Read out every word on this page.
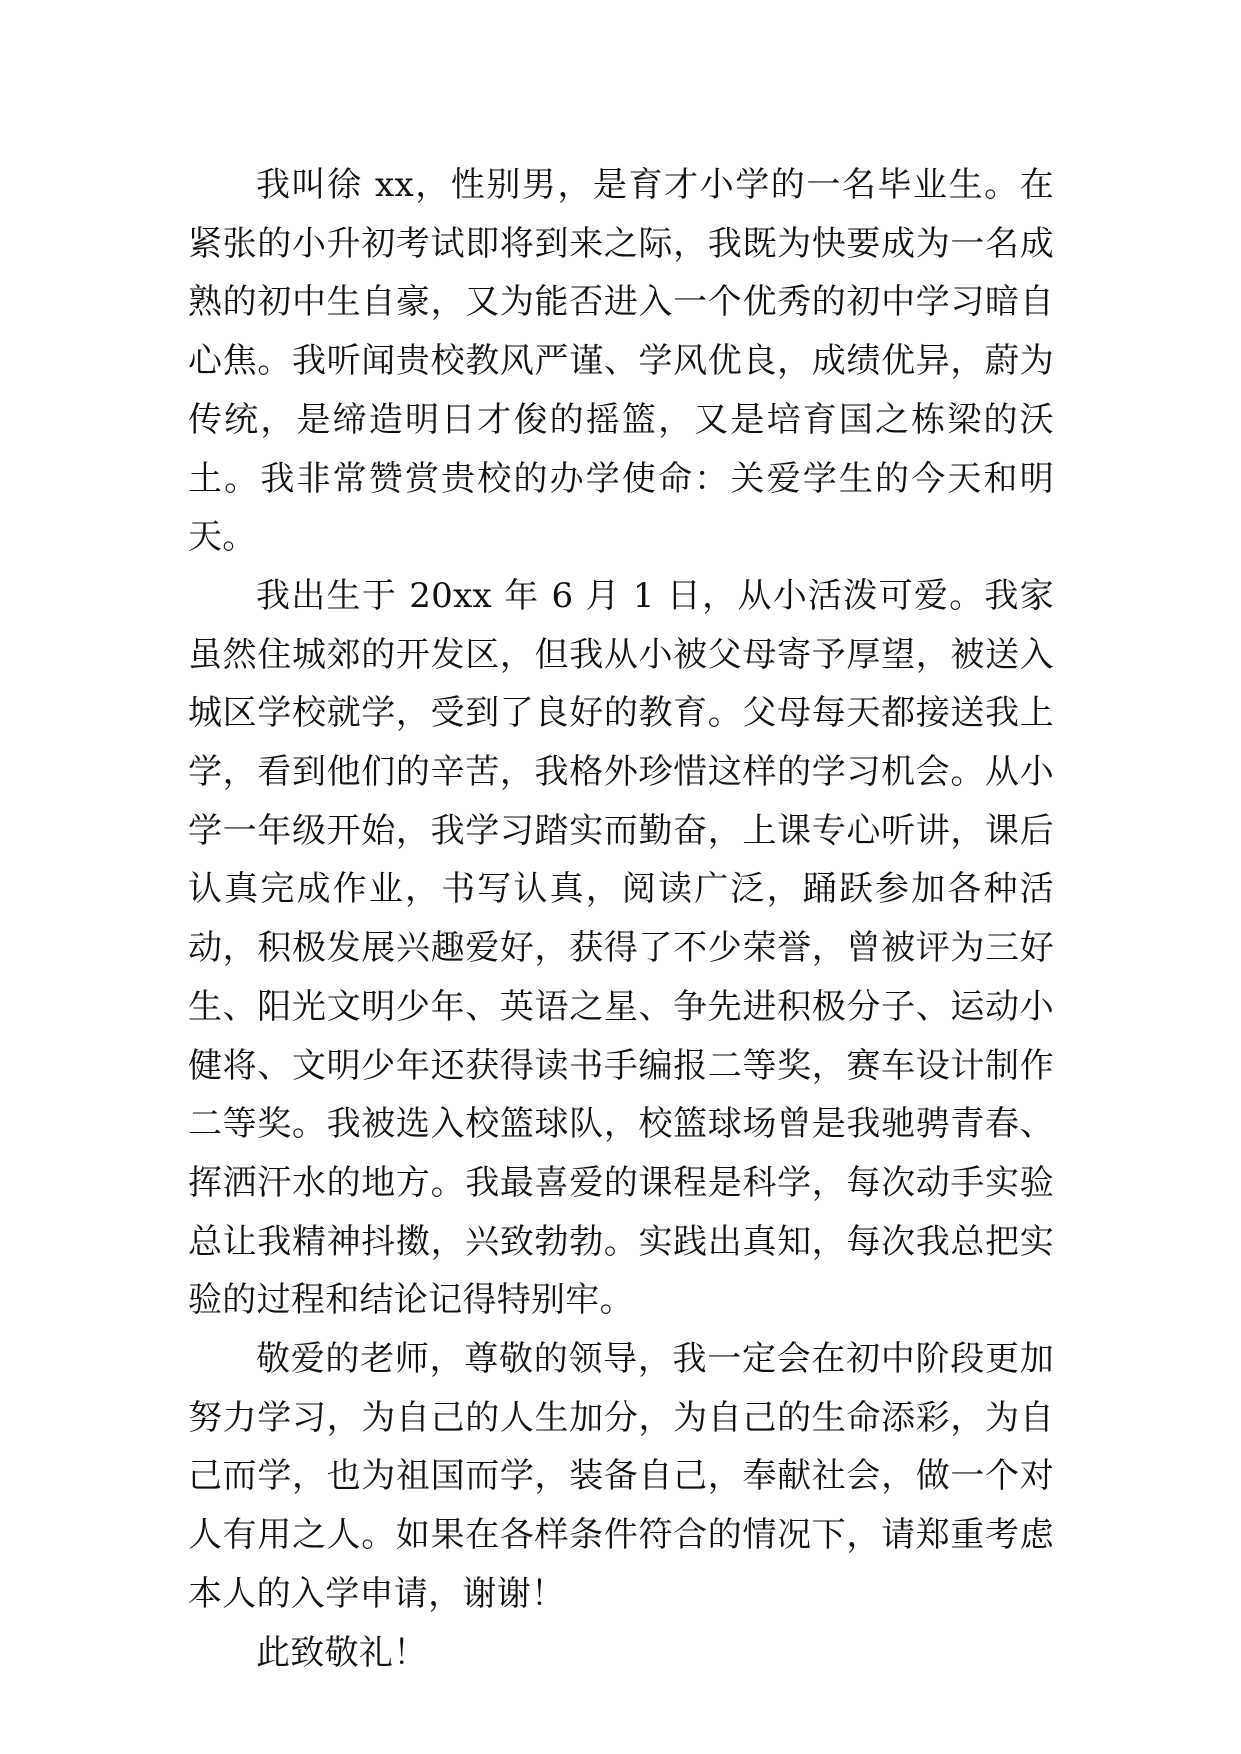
我叫徐 xx，性别男，是育才小学的一名毕业生。在紧张的小升初考试即将到来之际，我既为快要成为一名成熟的初中生自豪，又为能否进入一个优秀的初中学习暗自心焦。我听闻贵校教风严谨、学风优良，成绩优异，蔚为传统，是缔造明日才俊的摇篮，又是培育国之栋梁的沃土。我非常赞赏贵校的办学使命：关爱学生的今天和明天。

我出生于 20xx 年 6 月 1 日，从小活泼可爱。我家虽然住城郊的开发区，但我从小被父母寄予厚望，被送入城区学校就学，受到了良好的教育。父母每天都接送我上学，看到他们的辛苦，我格外珍惜这样的学习机会。从小学一年级开始，我学习踏实而勤奋，上课专心听讲，课后认真完成作业，书写认真，阅读广泛，踊跃参加各种活动，积极发展兴趣爱好，获得了不少荣誉，曾被评为三好生、阳光文明少年、英语之星、争先进积极分子、运动小健将、文明少年还获得读书手编报二等奖，赛车设计制作二等奖。我被选入校篮球队，校篮球场曾是我驰骋青春、挥洒汗水的地方。我最喜爱的课程是科学，每次动手实验总让我精神抖擞，兴致勃勃。实践出真知，每次我总把实验的过程和结论记得特别牢。

敬爱的老师，尊敬的领导，我一定会在初中阶段更加努力学习，为自己的人生加分，为自己的生命添彩，为自己而学，也为祖国而学，装备自己，奉献社会，做一个对人有用之人。如果在各样条件符合的情况下，请郑重考虑本人的入学申请，谢谢！

此致敬礼！
